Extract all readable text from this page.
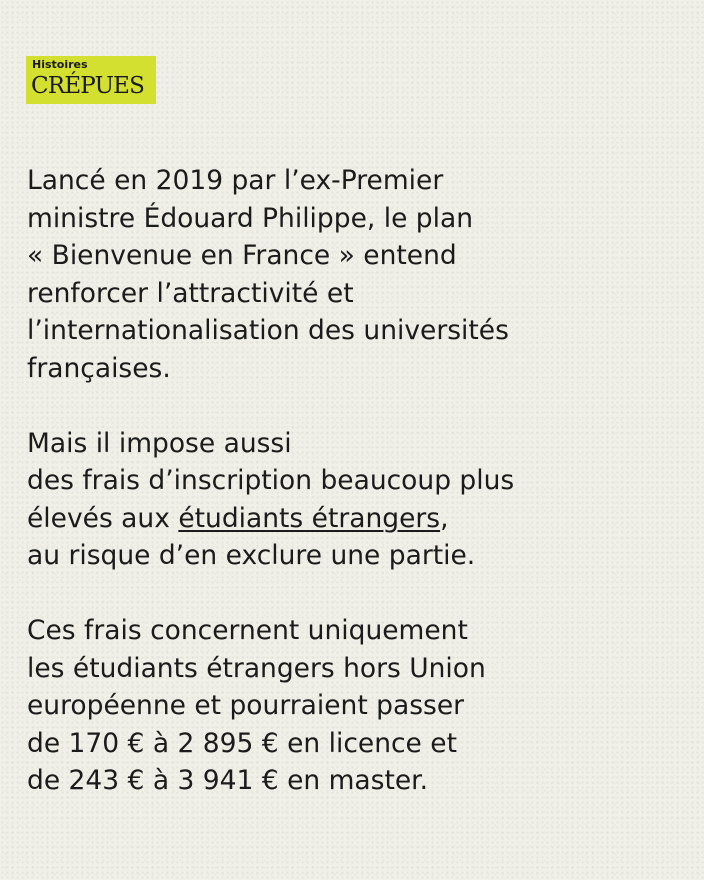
Histoires
CRÉPUES

Lancé en 2019 par l’ex-Premier
ministre Édouard Philippe, le plan
« Bienvenue en France » entend
renforcer l’attractivité et
l’internationalisation des universités
françaises.

Mais il impose aussi
des frais d’inscription beaucoup plus
élevés aux étudiants étrangers,
au risque d’en exclure une partie.

Ces frais concernent uniquement
les étudiants étrangers hors Union
européenne et pourraient passer
de 170 € à 2 895 € en licence et
de 243 € à 3 941 € en master.
